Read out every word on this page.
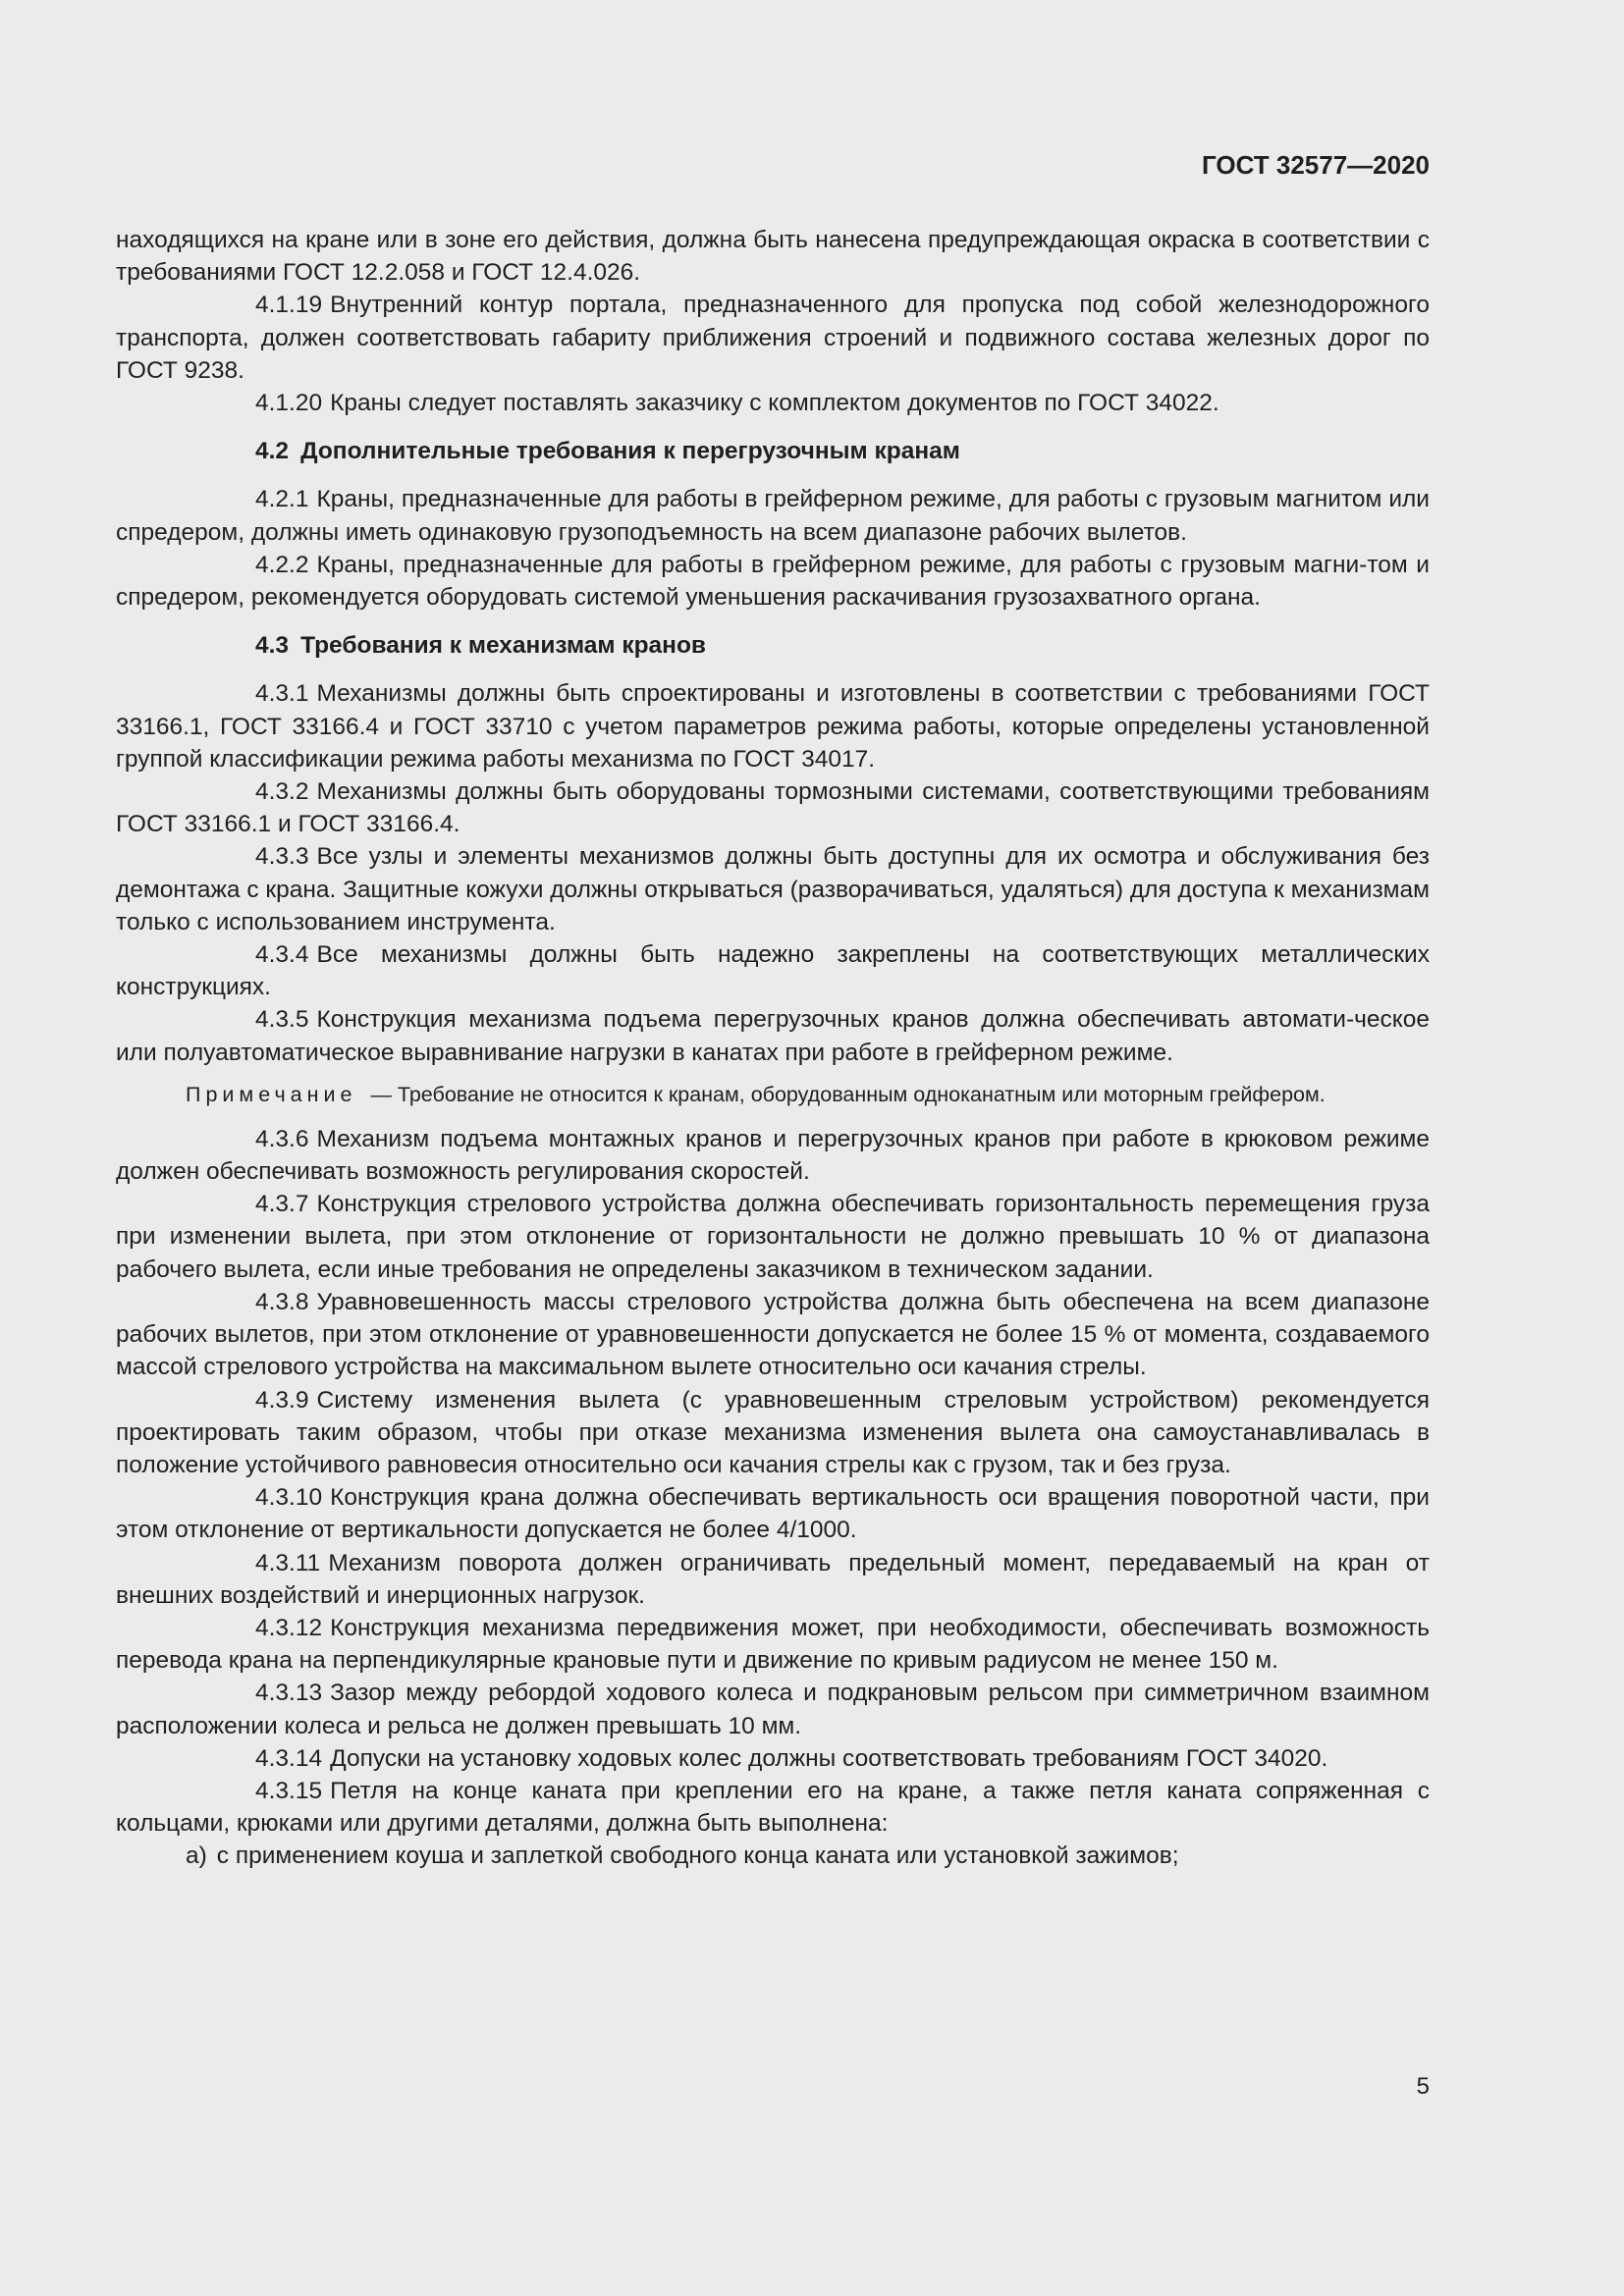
ГОСТ 32577—2020

находящихся на кране или в зоне его действия, должна быть нанесена предупреждающая окраска в соответствии с требованиями ГОСТ 12.2.058 и ГОСТ 12.4.026.

4.1.19 Внутренний контур портала, предназначенного для пропуска под собой железнодорожного транспорта, должен соответствовать габариту приближения строений и подвижного состава железных дорог по ГОСТ 9238.

4.1.20 Краны следует поставлять заказчику с комплектом документов по ГОСТ 34022.

4.2 Дополнительные требования к перегрузочным кранам

4.2.1 Краны, предназначенные для работы в грейферном режиме, для работы с грузовым магнитом или спредером, должны иметь одинаковую грузоподъемность на всем диапазоне рабочих вылетов.

4.2.2 Краны, предназначенные для работы в грейферном режиме, для работы с грузовым магни-том и спредером, рекомендуется оборудовать системой уменьшения раскачивания грузозахватного органа.

4.3 Требования к механизмам кранов

4.3.1 Механизмы должны быть спроектированы и изготовлены в соответствии с требованиями ГОСТ 33166.1, ГОСТ 33166.4 и ГОСТ 33710 с учетом параметров режима работы, которые определены установленной группой классификации режима работы механизма по ГОСТ 34017.

4.3.2 Механизмы должны быть оборудованы тормозными системами, соответствующими требованиям ГОСТ 33166.1 и ГОСТ 33166.4.

4.3.3 Все узлы и элементы механизмов должны быть доступны для их осмотра и обслуживания без демонтажа с крана. Защитные кожухи должны открываться (разворачиваться, удаляться) для доступа к механизмам только с использованием инструмента.

4.3.4 Все механизмы должны быть надежно закреплены на соответствующих металлических конструкциях.

4.3.5 Конструкция механизма подъема перегрузочных кранов должна обеспечивать автомати-ческое или полуавтоматическое выравнивание нагрузки в канатах при работе в грейферном режиме.

Примечание — Требование не относится к кранам, оборудованным одноканатным или моторным грейфером.

4.3.6 Механизм подъема монтажных кранов и перегрузочных кранов при работе в крюковом режиме должен обеспечивать возможность регулирования скоростей.

4.3.7 Конструкция стрелового устройства должна обеспечивать горизонтальность перемещения груза при изменении вылета, при этом отклонение от горизонтальности не должно превышать 10 % от диапазона рабочего вылета, если иные требования не определены заказчиком в техническом задании.

4.3.8 Уравновешенность массы стрелового устройства должна быть обеспечена на всем диапазоне рабочих вылетов, при этом отклонение от уравновешенности допускается не более 15 % от момента, создаваемого массой стрелового устройства на максимальном вылете относительно оси качания стрелы.

4.3.9 Систему изменения вылета (с уравновешенным стреловым устройством) рекомендуется проектировать таким образом, чтобы при отказе механизма изменения вылета она самоустанавливалась в положение устойчивого равновесия относительно оси качания стрелы как с грузом, так и без груза.

4.3.10 Конструкция крана должна обеспечивать вертикальность оси вращения поворотной части, при этом отклонение от вертикальности допускается не более 4/1000.

4.3.11 Механизм поворота должен ограничивать предельный момент, передаваемый на кран от внешних воздействий и инерционных нагрузок.

4.3.12 Конструкция механизма передвижения может, при необходимости, обеспечивать возможность перевода крана на перпендикулярные крановые пути и движение по кривым радиусом не менее 150 м.

4.3.13 Зазор между ребордой ходового колеса и подкрановым рельсом при симметричном взаимном расположении колеса и рельса не должен превышать 10 мм.

4.3.14 Допуски на установку ходовых колес должны соответствовать требованиям ГОСТ 34020.

4.3.15 Петля на конце каната при креплении его на кране, а также петля каната сопряженная с кольцами, крюками или другими деталями, должна быть выполнена:

а) с применением коуша и заплеткой свободного конца каната или установкой зажимов;

5
